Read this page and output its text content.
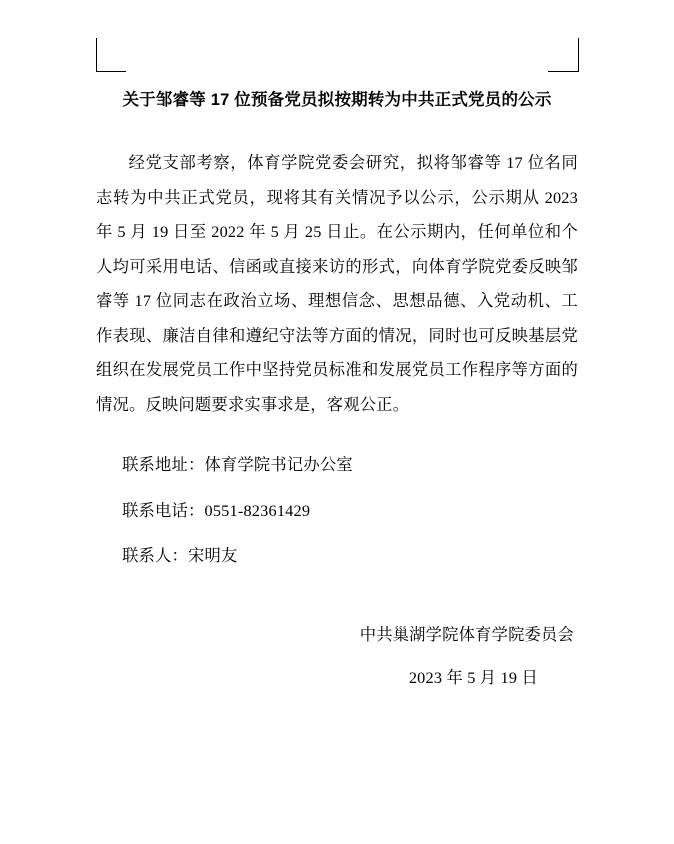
关于邹睿等 17 位预备党员拟按期转为中共正式党员的公示

经党支部考察，体育学院党委会研究，拟将邹睿等 17 位名同志转为中共正式党员，现将其有关情况予以公示，公示期从 2023 年 5 月 19 日至 2022 年 5 月 25 日止。在公示期内，任何单位和个人均可采用电话、信函或直接来访的形式，向体育学院党委反映邹睿等 17 位同志在政治立场、理想信念、思想品德、入党动机、工作表现、廉洁自律和遵纪守法等方面的情况，同时也可反映基层党组织在发展党员工作中坚持党员标准和发展党员工作程序等方面的情况。反映问题要求实事求是，客观公正。

联系地址：体育学院书记办公室

联系电话：0551-82361429

联系人：宋明友

中共巢湖学院体育学院委员会

2023 年 5 月 19 日
